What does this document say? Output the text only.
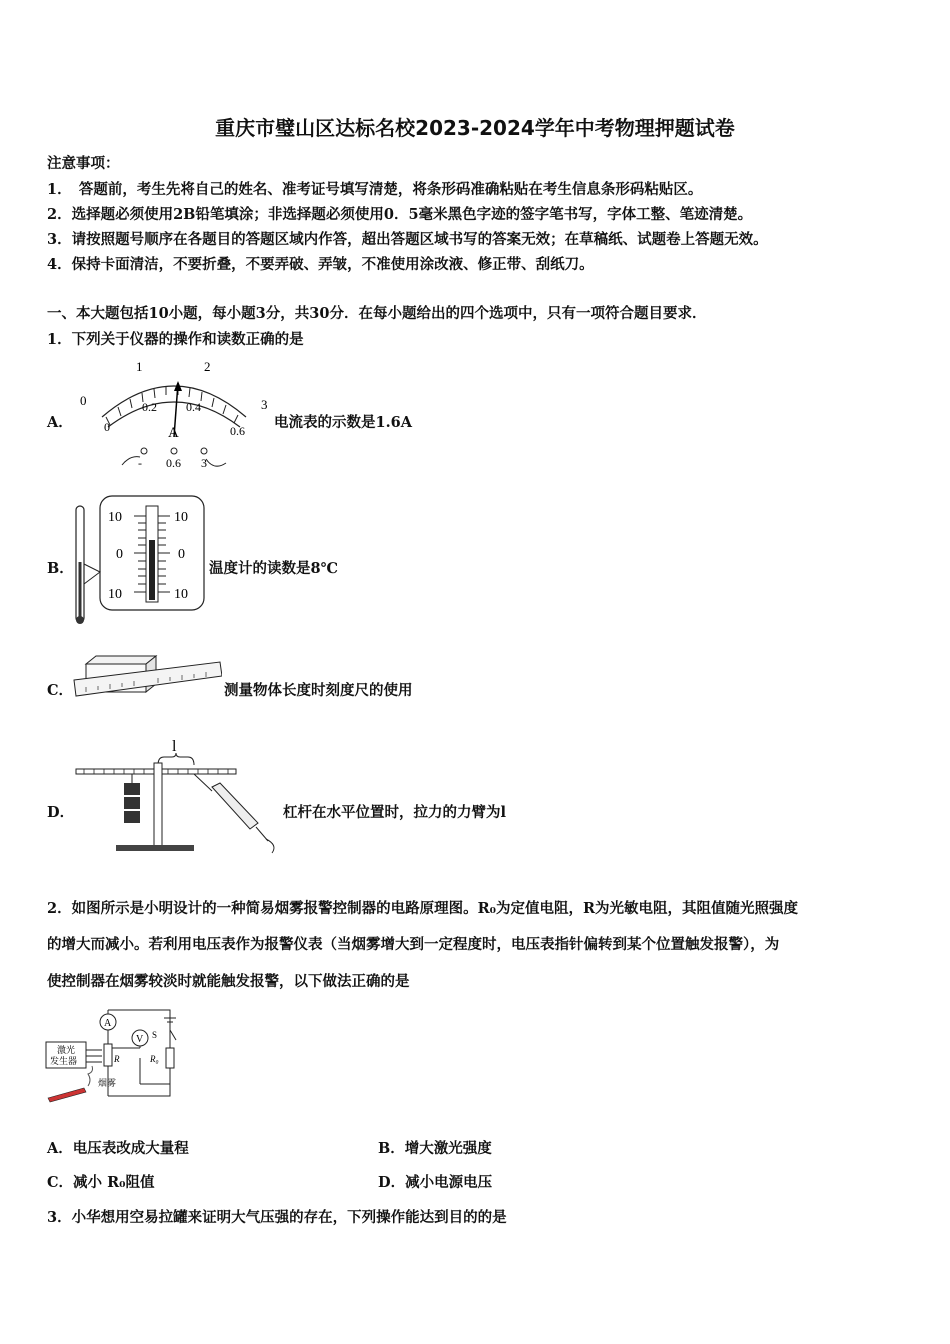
重庆市璧山区达标名校2023-2024学年中考物理押题试卷
注意事项：
1．　答题前，考生先将自己的姓名、准考证号填写清楚，将条形码准确粘贴在考生信息条形码粘贴区。
2．选择题必须使用2B铅笔填涂；非选择题必须使用0．5毫米黑色字迹的签字笔书写，字体工整、笔迹清楚。
3．请按照题号顺序在各题目的答题区域内作答，超出答题区域书写的答案无效；在草稿纸、试题卷上答题无效。
4．保持卡面清洁，不要折叠，不要弄破、弄皱，不准使用涂改液、修正带、刮纸刀。
一、本大题包括10小题，每小题3分，共30分．在每小题给出的四个选项中，只有一项符合题目要求．
1．下列关于仪器的操作和读数正确的是
A．
0
1	2
3
0
0.2 0.4
0.6
A
- 0.6 3
电流表的示数是1.6A
B．
10
0
10
10
0
10
温度计的读数是8℃
C．	测量物体长度时刻度尺的使用
D．
l
杠杆在水平位置时，拉力的力臂为l
2．如图所示是小明设计的一种简易烟雾报警控制器的电路原理图。R₀为定值电阻，R为光敏电阻，其阻值随光照强度
的增大而减小。若利用电压表作为报警仪表（当烟雾增大到一定程度时，电压表指针偏转到某个位置触发报警），为
使控制器在烟雾较淡时就能触发报警，以下做法正确的是
A
V S
R₀
R
激光
发生器
烟雾
A．电压表改成大量程	B．增大激光强度
C．减小 R₀阻值	D．减小电源电压
3．小华想用空易拉罐来证明大气压强的存在，下列操作能达到目的的是
